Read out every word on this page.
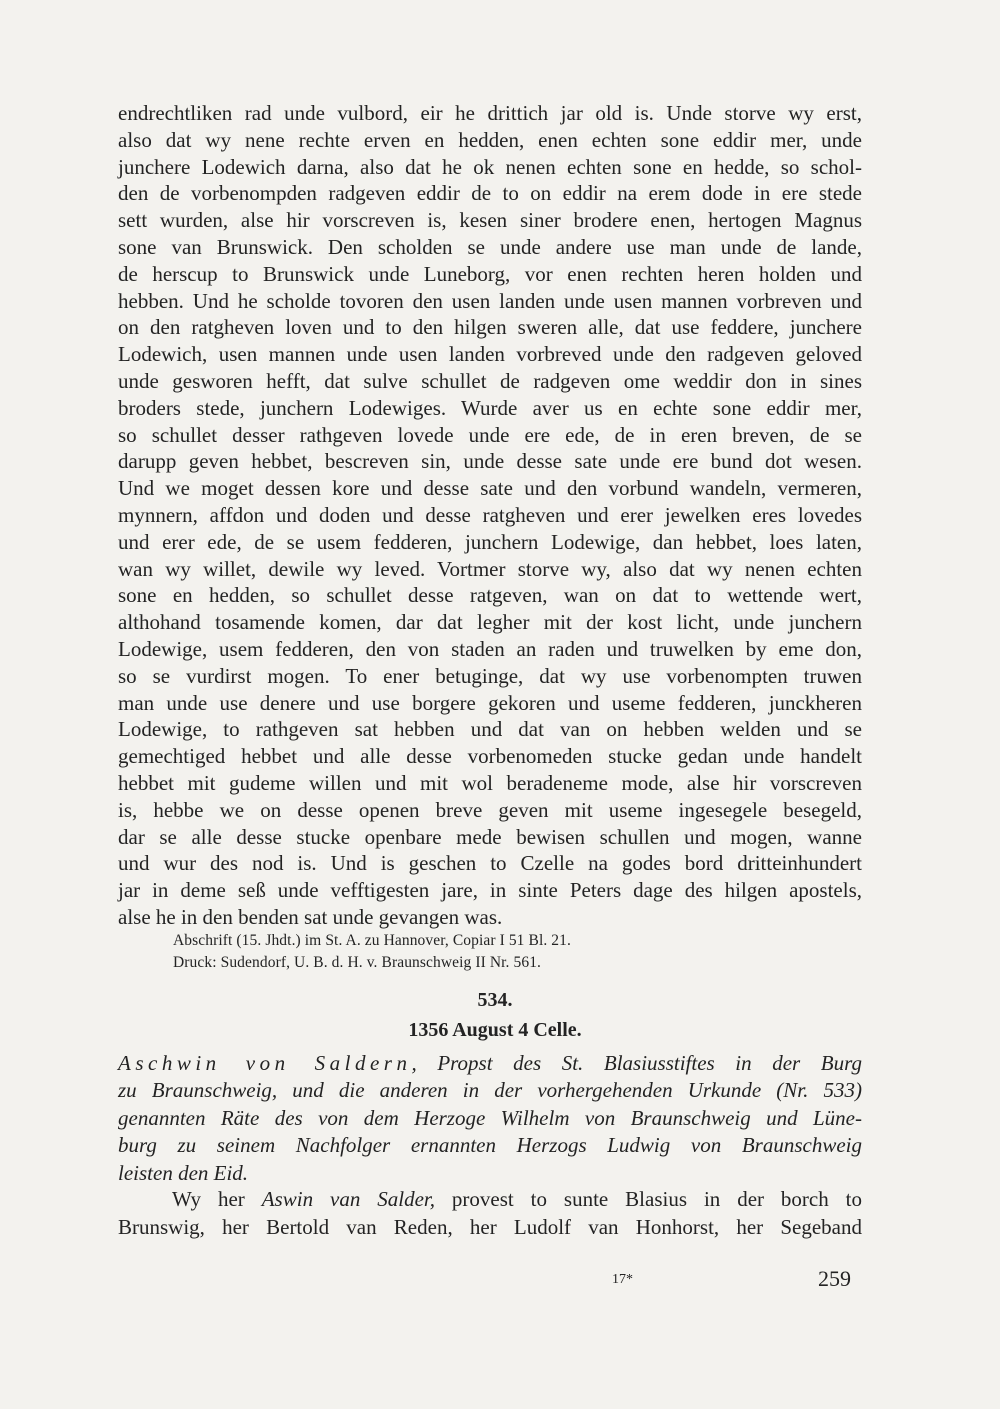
endrechtliken rad unde vulbord, eir he drittich jar old is. Unde storve wy erst,
also dat wy nene rechte erven en hedden, enen echten sone eddir mer, unde
junchere Lodewich darna, also dat he ok nenen echten sone en hedde, so schol-
den de vorbenompden radgeven eddir de to on eddir na erem dode in ere stede
sett wurden, alse hir vorscreven is, kesen siner brodere enen, hertogen Magnus
sone van Brunswick. Den scholden se unde andere use man unde de lande,
de herscup to Brunswick unde Luneborg, vor enen rechten heren holden und
hebben. Und he scholde tovoren den usen landen unde usen mannen vorbreven und
on den ratgheven loven und to den hilgen sweren alle, dat use feddere, junchere
Lodewich, usen mannen unde usen landen vorbreved unde den radgeven geloved
unde gesworen hefft, dat sulve schullet de radgeven ome weddir don in sines
broders stede, junchern Lodewiges. Wurde aver us en echte sone eddir mer,
so schullet desser rathgeven lovede unde ere ede, de in eren breven, de se
darupp geven hebbet, bescreven sin, unde desse sate unde ere bund dot wesen.
Und we moget dessen kore und desse sate und den vorbund wandeln, vermeren,
mynnern, affdon und doden und desse ratgheven und erer jewelken eres lovedes
und erer ede, de se usem fedderen, junchern Lodewige, dan hebbet, loes laten,
wan wy willet, dewile wy leved. Vortmer storve wy, also dat wy nenen echten
sone en hedden, so schullet desse ratgeven, wan on dat to wettende wert,
althohand tosamende komen, dar dat legher mit der kost licht, unde junchern
Lodewige, usem fedderen, den von staden an raden und truwelken by eme don,
so se vurdirst mogen. To ener betuginge, dat wy use vorbenompten truwen
man unde use denere und use borgere gekoren und useme fedderen, junckheren
Lodewige, to rathgeven sat hebben und dat van on hebben welden und se
gemechtiged hebbet und alle desse vorbenomeden stucke gedan unde handelt
hebbet mit gudeme willen und mit wol beradeneme mode, alse hir vorscreven
is, hebbe we on desse openen breve geven mit useme ingesegele besegeld,
dar se alle desse stucke openbare mede bewisen schullen und mogen, wanne
und wur des nod is. Und is geschen to Czelle na godes bord dritteinhundert
jar in deme seß unde vefftigesten jare, in sinte Peters dage des hilgen apostels,
alse he in den benden sat unde gevangen was.
Abschrift (15. Jhdt.) im St. A. zu Hannover, Copiar I 51 Bl. 21.
Druck: Sudendorf, U. B. d. H. v. Braunschweig II Nr. 561.
534.
1356 August 4 Celle.
Aschwin von Saldern, Propst des St. Blasiusstiftes in der Burg
zu Braunschweig, und die anderen in der vorhergehenden Urkunde (Nr. 533)
genannten Räte des von dem Herzoge Wilhelm von Braunschweig und Lüne-
burg zu seinem Nachfolger ernannten Herzogs Ludwig von Braunschweig
leisten den Eid.
Wy her Aswin van Salder, provest to sunte Blasius in der borch to
Brunswig, her Bertold van Reden, her Ludolf van Honhorst, her Segeband
17*	259
